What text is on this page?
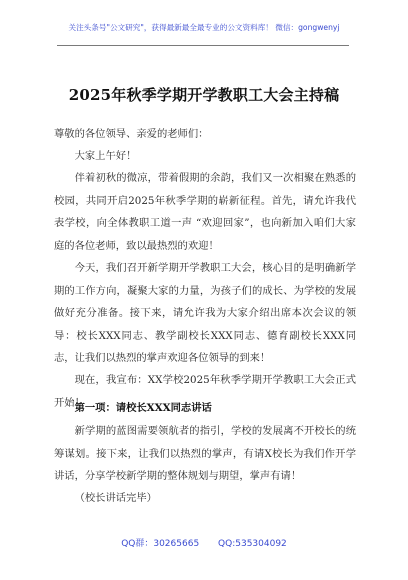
关注头条号"公文研究"，获得最新最全最专业的公文资料库！ 微信：gongwenyj
2025年秋季学期开学教职工大会主持稿
尊敬的各位领导、亲爱的老师们：

大家上午好！

伴着初秋的微凉，带着假期的余韵，我们又一次相聚在熟悉的校园，共同开启2025年秋季学期的崭新征程。首先，请允许我代表学校，向全体教职工道一声 “欢迎回家”，也向新加入咱们大家庭的各位老师，致以最热烈的欢迎！

今天，我们召开新学期开学教职工大会，核心目的是明确新学期的工作方向，凝聚大家的力量，为孩子们的成长、为学校的发展做好充分准备。接下来，请允许我为大家介绍出席本次会议的领导：校长XXX同志、教学副校长XXX同志、德育副校长XXX同志，让我们以热烈的掌声欢迎各位领导的到来！

现在，我宣布：XX学校2025年秋季学期开学教职工大会正式开始！

第一项：请校长XXX同志讲话

新学期的蓝图需要领航者的指引，学校的发展离不开校长的统筹谋划。接下来，让我们以热烈的掌声，有请X校长为我们作开学讲话，分享学校新学期的整体规划与期望，掌声有请！

（校长讲话完毕）

QQ群：30265665 QQ:535304092
